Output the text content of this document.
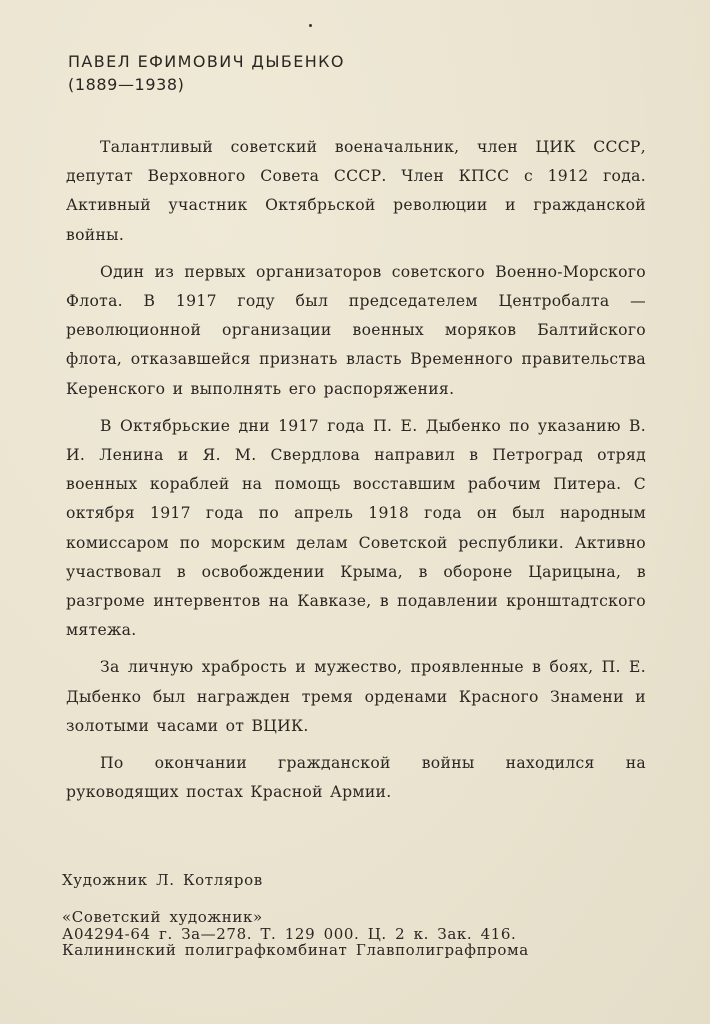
ПАВЕЛ ЕФИМОВИЧ ДЫБЕНКО
(1889—1938)

Талантливый советский военачальник, член ЦИК СССР, депутат Верховного Совета СССР. Член КПСС с 1912 года. Активный участник Октябрьской революции и гражданской войны.

Один из первых организаторов советского Военно-Морского Флота. В 1917 году был председателем Центробалта — революционной организации военных моряков Балтийского флота, отказавшейся признать власть Временного правительства Керенского и выполнять его распоряжения.

В Октябрьские дни 1917 года П. Е. Дыбенко по указанию В. И. Ленина и Я. М. Свердлова направил в Петроград отряд военных кораблей на помощь восставшим рабочим Питера. С октября 1917 года по апрель 1918 года он был народным комиссаром по морским делам Советской республики. Активно участвовал в освобождении Крыма, в обороне Царицына, в разгроме интервентов на Кавказе, в подавлении кронштадтского мятежа.

За личную храбрость и мужество, проявленные в боях, П. Е. Дыбенко был награжден тремя орденами Красного Знамени и золотыми часами от ВЦИК.

По окончании гражданской войны находился на руководящих постах Красной Армии.

Художник Л. Котляров
«Советский художник»
А04294-64 г. За—278. Т. 129 000. Ц. 2 к. Зак. 416.
Калининский полиграфкомбинат Главполиграфпрома
